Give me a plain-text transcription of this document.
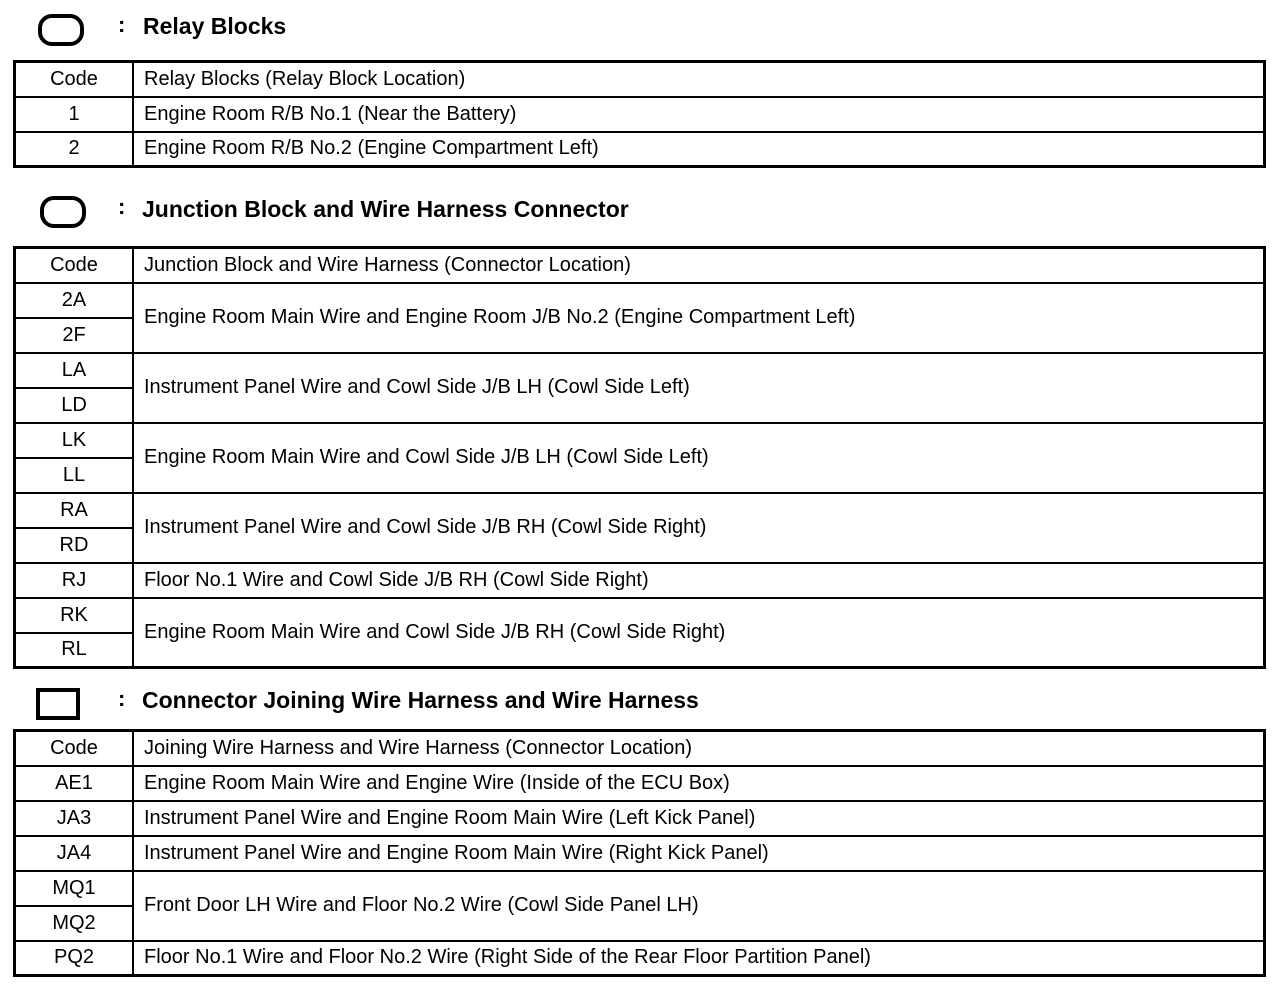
: Relay Blocks
Code	Relay Blocks (Relay Block Location)
1	Engine Room R/B No.1 (Near the Battery)
2	Engine Room R/B No.2 (Engine Compartment Left)
: Junction Block and Wire Harness Connector
Code	Junction Block and Wire Harness (Connector Location)
2A	Engine Room Main Wire and Engine Room J/B No.2 (Engine Compartment Left)
2F	
LA	Instrument Panel Wire and Cowl Side J/B LH (Cowl Side Left)
LD	
LK	Engine Room Main Wire and Cowl Side J/B LH (Cowl Side Left)
LL	
RA	Instrument Panel Wire and Cowl Side J/B RH (Cowl Side Right)
RD	
RJ	Floor No.1 Wire and Cowl Side J/B RH (Cowl Side Right)
RK	Engine Room Main Wire and Cowl Side J/B RH (Cowl Side Right)
RL	
: Connector Joining Wire Harness and Wire Harness
Code	Joining Wire Harness and Wire Harness (Connector Location)
AE1	Engine Room Main Wire and Engine Wire (Inside of the ECU Box)
JA3	Instrument Panel Wire and Engine Room Main Wire (Left Kick Panel)
JA4	Instrument Panel Wire and Engine Room Main Wire (Right Kick Panel)
MQ1	Front Door LH Wire and Floor No.2 Wire (Cowl Side Panel LH)
MQ2	
PQ2	Floor No.1 Wire and Floor No.2 Wire (Right Side of the Rear Floor Partition Panel)
